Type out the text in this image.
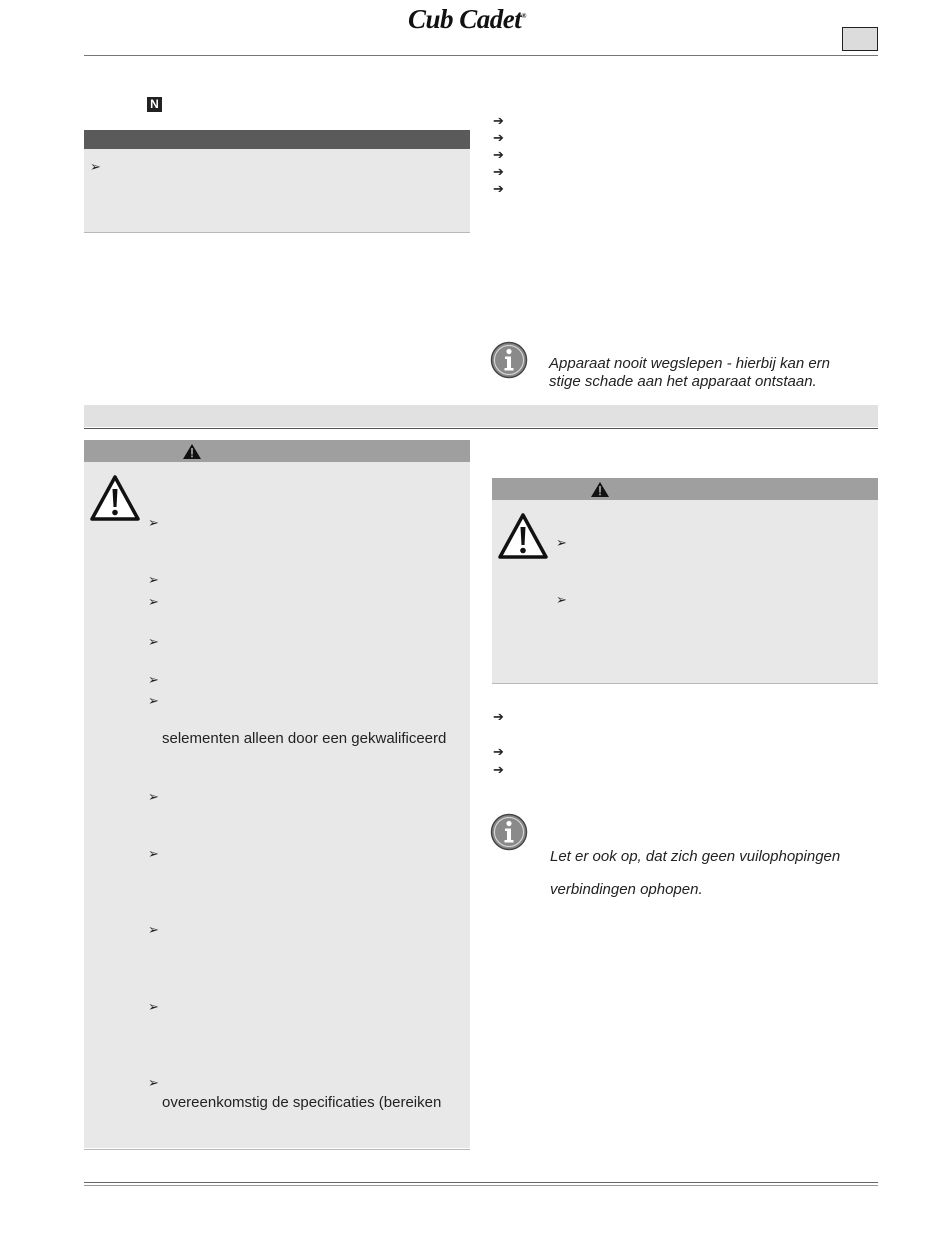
Cub Cadet®
N
➢
➔
➔
➔
➔
➔
Apparaat nooit wegslepen - hierbij kan ern
stige schade aan het apparaat ontstaan.
➢
➢
➢
➢
➢
➢
selementen alleen door een gekwalificeerd
➢
➢
➢
➢
➢
overeenkomstig de specificaties (bereiken
➢
➢
➔
➔
➔
Let er ook op, dat zich geen vuilophopingen
verbindingen ophopen.
